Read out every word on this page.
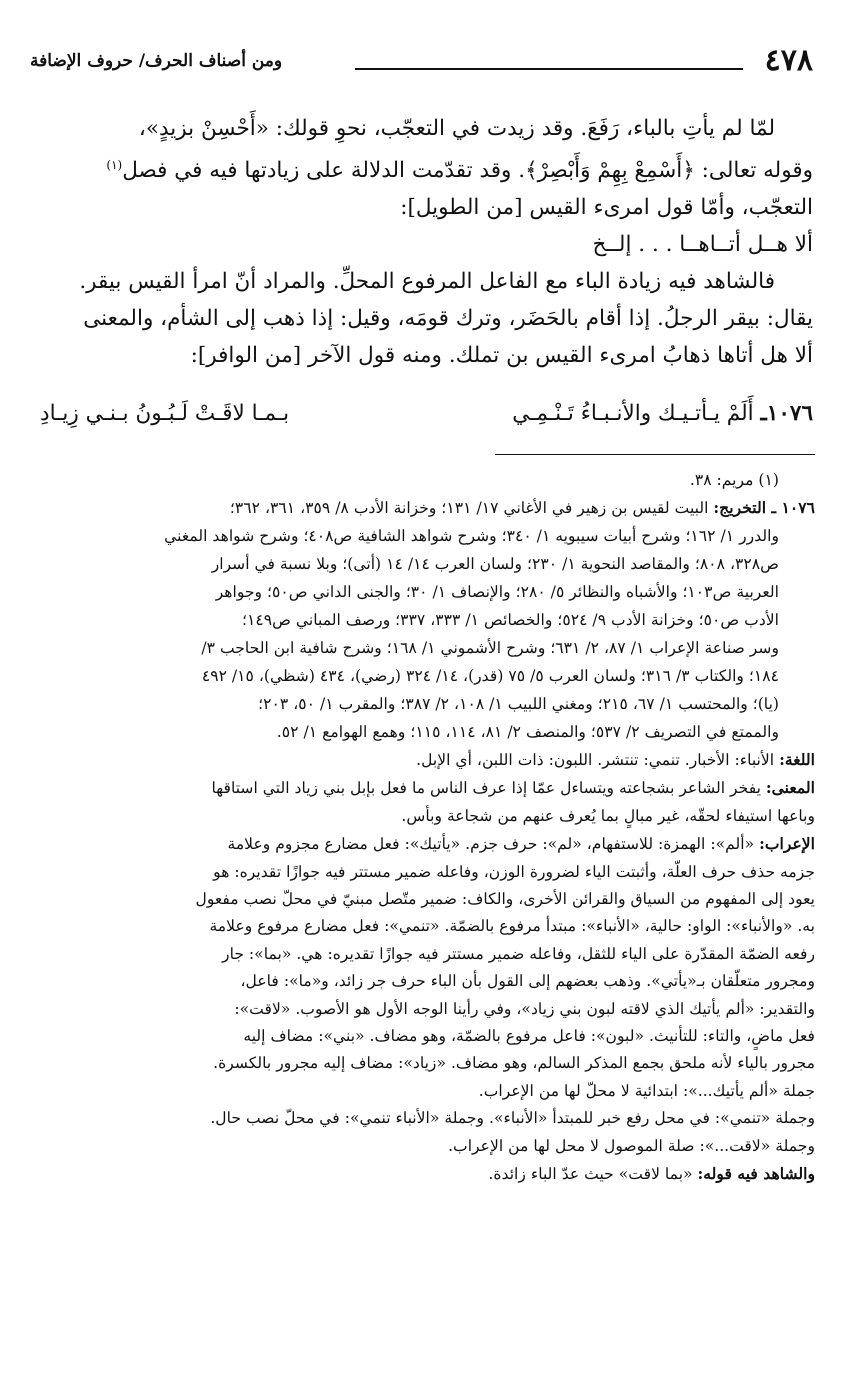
٤٧٨
ومن أصناف الحرف/ حروف الإضافة

لمّا لم يأتِ بالباء، رَفَعَ. وقد زيدت في التعجّب، نحوِ قولك: «أَحْسِنْ بزيدٍ»،

وقوله تعالى: ﴿أَسْمِعْ بِهِمْ وَأَبْصِرْ﴾. وقد تقدّمت الدلالة على زيادتها فيه في فصل$^{(١)}$

التعجّب، وأمّا قول امرىء القيس [من الطويل]:

ألا هــل أتــاهــا . . . إلــخ

فالشاهد فيه زيادة الباء مع الفاعل المرفوع المحلِّ. والمراد أنّ امرأ القيس بيقر.

يقال: بيقر الرجلُ. إذا أقام بالحَضَر، وترك قومَه، وقيل: إذا ذهب إلى الشأم، والمعنى

ألا هل أتاها ذهابُ امرىء القيس بن تملك. ومنه قول الآخر [من الوافر]:

١٠٧٦ـ أَلَمْ يـأتـيـك والأنـبـاءُ تَـنْـمِـي
بـمـا لاقَـتْ لَـبُـونُ بـنـي زِيـادِ

(١) مريم: ٣٨.

١٠٧٦ ـ التخريج: البيت لقيس بن زهير في الأغاني ١٧/ ١٣١؛ وخزانة الأدب ٨/ ٣٥٩، ٣٦١، ٣٦٢؛

والدرر ١/ ١٦٢؛ وشرح أبيات سيبويه ١/ ٣٤٠؛ وشرح شواهد الشافية ص٤٠٨؛ وشرح شواهد المغني

ص٣٢٨، ٨٠٨؛ والمقاصد النحوية ١/ ٢٣٠؛ ولسان العرب ١٤/ ١٤ (أتى)؛ وبلا نسبة في أسرار

العربية ص١٠٣؛ والأشباه والنظائر ٥/ ٢٨٠؛ والإنصاف ١/ ٣٠؛ والجنى الداني ص٥٠؛ وجواهر

الأدب ص٥٠؛ وخزانة الأدب ٩/ ٥٢٤؛ والخصائص ١/ ٣٣٣، ٣٣٧؛ ورصف المباني ص١٤٩؛

وسر صناعة الإعراب ١/ ٨٧، ٢/ ٦٣١؛ وشرح الأشموني ١/ ١٦٨؛ وشرح شافية ابن الحاجب ٣/

١٨٤؛ والكتاب ٣/ ٣١٦؛ ولسان العرب ٥/ ٧٥ (قدر)، ١٤/ ٣٢٤ (رضي)، ٤٣٤ (شظي)، ١٥/ ٤٩٢

(يا)؛ والمحتسب ١/ ٦٧، ٢١٥؛ ومغني اللبيب ١/ ١٠٨، ٢/ ٣٨٧؛ والمقرب ١/ ٥٠، ٢٠٣؛

والممتع في التصريف ٢/ ٥٣٧؛ والمنصف ٢/ ٨١، ١١٤، ١١٥؛ وهمع الهوامع ١/ ٥٢.

اللغة: الأنباء: الأخبار. تنمي: تنتشر. اللبون: ذات اللبن، أي الإبل.

المعنى: يفخر الشاعر بشجاعته ويتساءل عمّا إذا عرف الناس ما فعل بإبل بني زياد التي استاقها

وباعها استيفاء لحقّه، غير مبالٍ بما يُعرف عنهم من شجاعة وبأس.

الإعراب: «ألم»: الهمزة: للاستفهام، «لم»: حرف جزم. «يأتيك»: فعل مضارع مجزوم وعلامة

جزمه حذف حرف العلّة، وأثبتت الياء لضرورة الوزن، وفاعله ضمير مستتر فيه جوازًا تقديره: هو

يعود إلى المفهوم من السياق والقرائن الأخرى، والكاف: ضمير متّصل مبنيّ في محلّ نصب مفعول

به. «والأنباء»: الواو: حالية، «الأنباء»: مبتدأ مرفوع بالضمّة. «تنمي»: فعل مضارع مرفوع وعلامة

رفعه الضمّة المقدّرة على الياء للثقل، وفاعله ضمير مستتر فيه جوازًا تقديره: هي. «بما»: جار

ومجرور متعلّقان بـ«يأتي». وذهب بعضهم إلى القول بأن الباء حرف جر زائد، و«ما»: فاعل،

والتقدير: «ألم يأتيك الذي لاقته لبون بني زياد»، وفي رأينا الوجه الأول هو الأصوب. «لاقت»:

فعل ماضٍ، والتاء: للتأنيث. «لبون»: فاعل مرفوع بالضمّة، وهو مضاف. «بني»: مضاف إليه

مجرور بالياء لأنه ملحق بجمع المذكر السالم، وهو مضاف. «زياد»: مضاف إليه مجرور بالكسرة.

جملة «ألم يأتيك...»: ابتدائية لا محلّ لها من الإعراب.

وجملة «تنمي»: في محل رفع خبر للمبتدأ «الأنباء». وجملة «الأنباء تنمي»: في محلّ نصب حال.

وجملة «لاقت...»: صلة الموصول لا محل لها من الإعراب.

والشاهد فيه قوله: «بما لاقت» حيث عدّ الباء زائدة.
